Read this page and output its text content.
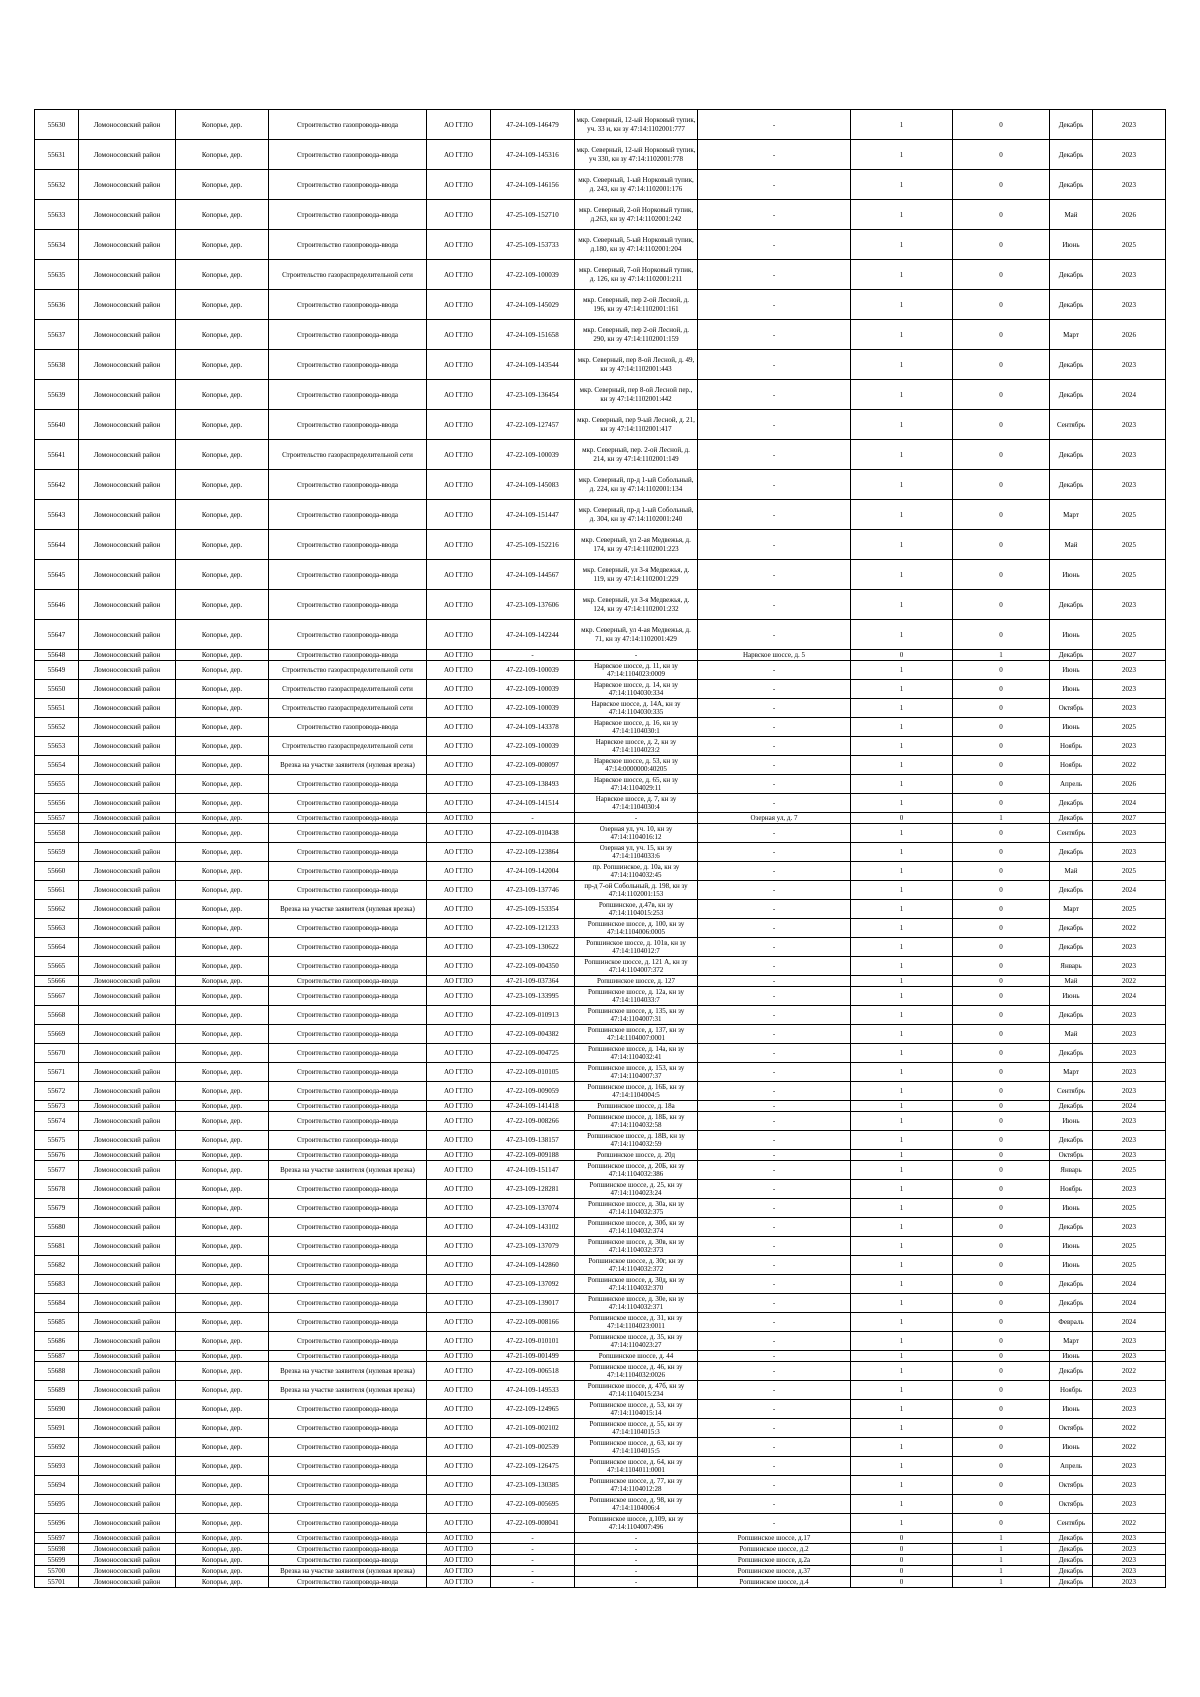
55630	Ломоносовский район	Копорье, дер.	Строительство газопровода-ввода	АО ГГЛО	47-24-109-146479	мкр. Северный, 12-ый Норковый тупик, уч. 33 и, кн зу 47:14:1102001:777	-	1	0	Декабрь	2023
55631	Ломоносовский район	Копорье, дер.	Строительство газопровода-ввода	АО ГГЛО	47-24-109-145316	мкр. Северный, 12-ый Норковый тупик, уч 330, кн зу 47:14:1102001:778	-	1	0	Декабрь	2023
55632	Ломоносовский район	Копорье, дер.	Строительство газопровода-ввода	АО ГГЛО	47-24-109-146156	мкр. Северный, 1-ый Норковый тупик, д. 243, кн зу 47:14:1102001:176	-	1	0	Декабрь	2023
55633	Ломоносовский район	Копорье, дер.	Строительство газопровода-ввода	АО ГГЛО	47-25-109-152710	мкр. Северный, 2-ой Норковый тупик, д.263, кн зу 47:14:1102001:242	-	1	0	Май	2026
55634	Ломоносовский район	Копорье, дер.	Строительство газопровода-ввода	АО ГГЛО	47-25-109-153733	мкр. Северный, 5-ый Норковый тупик, д.180, кн зу 47:14:1102001:204	-	1	0	Июнь	2025
55635	Ломоносовский район	Копорье, дер.	Строительство газораспределительной сети	АО ГГЛО	47-22-109-100039	мкр. Северный, 7-ой Норковый тупик, д. 126, кн зу 47:14:1102001:211	-	1	0	Декабрь	2023
55636	Ломоносовский район	Копорье, дер.	Строительство газопровода-ввода	АО ГГЛО	47-24-109-145029	мкр. Северный, пер 2-ой Лесной, д. 196, кн зу 47:14:1102001:161	-	1	0	Декабрь	2023
55637	Ломоносовский район	Копорье, дер.	Строительство газопровода-ввода	АО ГГЛО	47-24-109-151658	мкр. Северный, пер 2-ой Лесной, д. 290, кн зу 47:14:1102001:159	-	1	0	Март	2026
55638	Ломоносовский район	Копорье, дер.	Строительство газопровода-ввода	АО ГГЛО	47-24-109-143544	мкр. Северный, пер 8-ой Лесной, д. 49, кн зу 47:14:1102001:443	-	1	0	Декабрь	2023
55639	Ломоносовский район	Копорье, дер.	Строительство газопровода-ввода	АО ГГЛО	47-23-109-136454	мкр. Северный, пер 8-ой Лесной пер., кн зу 47:14:1102001:442	-	1	0	Декабрь	2024
55640	Ломоносовский район	Копорье, дер.	Строительство газопровода-ввода	АО ГГЛО	47-22-109-127457	мкр. Северный, пер 9-ый Лесной, д. 21, кн зу 47:14:1102001:417	-	1	0	Сентябрь	2023
55641	Ломоносовский район	Копорье, дер.	Строительство газораспределительной сети	АО ГГЛО	47-22-109-100039	мкр. Северный, пер. 2-ой Лесной, д. 214, кн зу 47:14:1102001:149	-	1	0	Декабрь	2023
55642	Ломоносовский район	Копорье, дер.	Строительство газопровода-ввода	АО ГГЛО	47-24-109-145083	мкр. Северный, пр-д 1-ый Собольный, д. 224, кн зу 47:14:1102001:134	-	1	0	Декабрь	2023
55643	Ломоносовский район	Копорье, дер.	Строительство газопровода-ввода	АО ГГЛО	47-24-109-151447	мкр. Северный, пр-д 1-ый Собольный, д. 304, кн зу 47:14:1102001:240	-	1	0	Март	2025
55644	Ломоносовский район	Копорье, дер.	Строительство газопровода-ввода	АО ГГЛО	47-25-109-152216	мкр. Северный, ул 2-ая Медвежья, д. 174, кн зу 47:14:1102001:223	-	1	0	Май	2025
55645	Ломоносовский район	Копорье, дер.	Строительство газопровода-ввода	АО ГГЛО	47-24-109-144567	мкр. Северный, ул 3-я Медвежья, д. 119, кн зу 47:14:1102001:229	-	1	0	Июнь	2025
55646	Ломоносовский район	Копорье, дер.	Строительство газопровода-ввода	АО ГГЛО	47-23-109-137606	мкр. Северный, ул 3-я Медвежья, д. 124, кн зу 47:14:1102001:232	-	1	0	Декабрь	2023
55647	Ломоносовский район	Копорье, дер.	Строительство газопровода-ввода	АО ГГЛО	47-24-109-142244	мкр. Северный, ул 4-ая Медвежья, д. 71, кн зу 47:14:1102001:429	-	1	0	Июнь	2025
55648	Ломоносовский район	Копорье, дер.	Строительство газопровода-ввода	АО ГГЛО	-	-	Нарвское шоссе, д. 5	0	1	Декабрь	2027
55649	Ломоносовский район	Копорье, дер.	Строительство газораспределительной сети	АО ГГЛО	47-22-109-100039	Нарвское шоссе, д. 11, кн зу 47:14:1104023:0009	-	1	0	Июнь	2023
55650	Ломоносовский район	Копорье, дер.	Строительство газораспределительной сети	АО ГГЛО	47-22-109-100039	Нарвское шоссе, д. 14, кн зу 47:14:1104030:334	-	1	0	Июнь	2023
55651	Ломоносовский район	Копорье, дер.	Строительство газораспределительной сети	АО ГГЛО	47-22-109-100039	Нарвское шоссе, д. 14А, кн зу 47:14:1104030:335	-	1	0	Октябрь	2023
55652	Ломоносовский район	Копорье, дер.	Строительство газопровода-ввода	АО ГГЛО	47-24-109-143378	Нарвское шоссе, д. 16, кн зу 47:14:1104030:1	-	1	0	Июнь	2025
55653	Ломоносовский район	Копорье, дер.	Строительство газораспределительной сети	АО ГГЛО	47-22-109-100039	Нарвское шоссе, д. 2, кн зу 47:14:1104023:2	-	1	0	Ноябрь	2023
55654	Ломоносовский район	Копорье, дер.	Врезка на участке заявителя (нулевая врезка)	АО ГГЛО	47-22-109-008097	Нарвское шоссе, д. 53, кн зу 47:14:0000000:40205	-	1	0	Ноябрь	2022
55655	Ломоносовский район	Копорье, дер.	Строительство газопровода-ввода	АО ГГЛО	47-23-109-138493	Нарвское шоссе, д. 65, кн зу 47:14:1104029:11	-	1	0	Апрель	2026
55656	Ломоносовский район	Копорье, дер.	Строительство газопровода-ввода	АО ГГЛО	47-24-109-141514	Нарвское шоссе, д. 7, кн зу 47:14:1104030:4	-	1	0	Декабрь	2024
55657	Ломоносовский район	Копорье, дер.	Строительство газопровода-ввода	АО ГГЛО	-	-	Озерная ул, д. 7	0	1	Декабрь	2027
55658	Ломоносовский район	Копорье, дер.	Строительство газопровода-ввода	АО ГГЛО	47-22-109-010438	Озерная ул, уч. 10, кн зу 47:14:1104016:12	-	1	0	Сентябрь	2023
55659	Ломоносовский район	Копорье, дер.	Строительство газопровода-ввода	АО ГГЛО	47-22-109-123864	Озерная ул, уч. 15, кн зу 47:14:1104033:6	-	1	0	Декабрь	2023
55660	Ломоносовский район	Копорье, дер.	Строительство газопровода-ввода	АО ГГЛО	47-24-109-142004	пр. Ропшинское, д. 10а, кн зу 47:14:1104032:45	-	1	0	Май	2025
55661	Ломоносовский район	Копорье, дер.	Строительство газопровода-ввода	АО ГГЛО	47-23-109-137746	пр-д 7-ой Собольный, д. 198, кн зу 47:14:1102001:153	-	1	0	Декабрь	2024
55662	Ломоносовский район	Копорье, дер.	Врезка на участке заявителя (нулевая врезка)	АО ГГЛО	47-25-109-153354	Ропшинское, д.47в, кн зу 47:14:1104015:253	-	1	0	Март	2025
55663	Ломоносовский район	Копорье, дер.	Строительство газопровода-ввода	АО ГГЛО	47-22-109-121233	Ропшинское шоссе, д. 100, кн зу 47:14:1104006:0005	-	1	0	Декабрь	2022
55664	Ломоносовский район	Копорье, дер.	Строительство газопровода-ввода	АО ГГЛО	47-23-109-130622	Ропшинское шоссе, д. 101в, кн зу 47:14:1104012:7	-	1	0	Декабрь	2023
55665	Ломоносовский район	Копорье, дер.	Строительство газопровода-ввода	АО ГГЛО	47-22-109-004350	Ропшинское шоссе, д. 121 А, кн зу 47:14:1104007:372	-	1	0	Январь	2023
55666	Ломоносовский район	Копорье, дер.	Строительство газопровода-ввода	АО ГГЛО	47-21-109-037364	Ропшинское шоссе, д. 127	-	1	0	Май	2022
55667	Ломоносовский район	Копорье, дер.	Строительство газопровода-ввода	АО ГГЛО	47-23-109-133995	Ропшинское шоссе, д. 12а, кн зу 47:14:1104033:7	-	1	0	Июнь	2024
55668	Ломоносовский район	Копорье, дер.	Строительство газопровода-ввода	АО ГГЛО	47-22-109-010913	Ропшинское шоссе, д. 135, кн зу 47:14:1104007:31	-	1	0	Декабрь	2023
55669	Ломоносовский район	Копорье, дер.	Строительство газопровода-ввода	АО ГГЛО	47-22-109-004382	Ропшинское шоссе, д. 137, кн зу 47:14:1104007:0001	-	1	0	Май	2023
55670	Ломоносовский район	Копорье, дер.	Строительство газопровода-ввода	АО ГГЛО	47-22-109-004725	Ропшинское шоссе, д. 14а, кн зу 47:14:1104032:41	-	1	0	Декабрь	2023
55671	Ломоносовский район	Копорье, дер.	Строительство газопровода-ввода	АО ГГЛО	47-22-109-010105	Ропшинское шоссе, д. 153, кн зу 47:14:1104007:37	-	1	0	Март	2023
55672	Ломоносовский район	Копорье, дер.	Строительство газопровода-ввода	АО ГГЛО	47-22-109-009059	Ропшинское шоссе, д. 16Б, кн зу 47:14:1104004:5	-	1	0	Сентябрь	2023
55673	Ломоносовский район	Копорье, дер.	Строительство газопровода-ввода	АО ГГЛО	47-24-109-141418	Ропшинское шоссе, д. 18а	-	1	0	Декабрь	2024
55674	Ломоносовский район	Копорье, дер.	Строительство газопровода-ввода	АО ГГЛО	47-22-109-008266	Ропшинское шоссе, д. 18Б, кн зу 47:14:1104032:58	-	1	0	Июнь	2023
55675	Ломоносовский район	Копорье, дер.	Строительство газопровода-ввода	АО ГГЛО	47-23-109-138157	Ропшинское шоссе, д. 18В, кн зу 47:14:1104032:59	-	1	0	Декабрь	2023
55676	Ломоносовский район	Копорье, дер.	Строительство газопровода-ввода	АО ГГЛО	47-22-109-009188	Ропшинское шоссе, д. 20д	-	1	0	Октябрь	2023
55677	Ломоносовский район	Копорье, дер.	Врезка на участке заявителя (нулевая врезка)	АО ГГЛО	47-24-109-151147	Ропшинское шоссе, д. 20Б, кн зу 47:14:1104032:386	-	1	0	Январь	2025
55678	Ломоносовский район	Копорье, дер.	Строительство газопровода-ввода	АО ГГЛО	47-23-109-128281	Ропшинское шоссе, д. 25, кн зу 47:14:1104023:24	-	1	0	Ноябрь	2023
55679	Ломоносовский район	Копорье, дер.	Строительство газопровода-ввода	АО ГГЛО	47-23-109-137074	Ропшинское шоссе, д. 30а, кн зу 47:14:1104032:375	-	1	0	Июнь	2025
55680	Ломоносовский район	Копорье, дер.	Строительство газопровода-ввода	АО ГГЛО	47-24-109-143102	Ропшинское шоссе, д. 30б, кн зу 47:14:1104032:374	-	1	0	Декабрь	2023
55681	Ломоносовский район	Копорье, дер.	Строительство газопровода-ввода	АО ГГЛО	47-23-109-137079	Ропшинское шоссе, д. 30в, кн зу 47:14:1104032:373	-	1	0	Июнь	2025
55682	Ломоносовский район	Копорье, дер.	Строительство газопровода-ввода	АО ГГЛО	47-24-109-142860	Ропшинское шоссе, д. 30г, кн зу 47:14:1104032:372	-	1	0	Июнь	2025
55683	Ломоносовский район	Копорье, дер.	Строительство газопровода-ввода	АО ГГЛО	47-23-109-137092	Ропшинское шоссе, д. 30д, кн зу 47:14:1104032:370	-	1	0	Декабрь	2024
55684	Ломоносовский район	Копорье, дер.	Строительство газопровода-ввода	АО ГГЛО	47-23-109-139017	Ропшинское шоссе, д. 30е, кн зу 47:14:1104032:371	-	1	0	Декабрь	2024
55685	Ломоносовский район	Копорье, дер.	Строительство газопровода-ввода	АО ГГЛО	47-22-109-008166	Ропшинское шоссе, д. 31, кн зу 47:14:1104023:0011	-	1	0	Февраль	2024
55686	Ломоносовский район	Копорье, дер.	Строительство газопровода-ввода	АО ГГЛО	47-22-109-010101	Ропшинское шоссе, д. 35, кн зу 47:14:1104023:27	-	1	0	Март	2023
55687	Ломоносовский район	Копорье, дер.	Строительство газопровода-ввода	АО ГГЛО	47-21-109-001499	Ропшинское шоссе, д. 44	-	1	0	Июнь	2023
55688	Ломоносовский район	Копорье, дер.	Врезка на участке заявителя (нулевая врезка)	АО ГГЛО	47-22-109-006518	Ропшинское шоссе, д. 46, кн зу 47:14:1104032:0026	-	1	0	Декабрь	2022
55689	Ломоносовский район	Копорье, дер.	Врезка на участке заявителя (нулевая врезка)	АО ГГЛО	47-24-109-149533	Ропшинское шоссе, д. 47б, кн зу 47:14:1104015:234	-	1	0	Ноябрь	2023
55690	Ломоносовский район	Копорье, дер.	Строительство газопровода-ввода	АО ГГЛО	47-22-109-124965	Ропшинское шоссе, д. 53, кн зу 47:14:1104015:14	-	1	0	Июнь	2023
55691	Ломоносовский район	Копорье, дер.	Строительство газопровода-ввода	АО ГГЛО	47-21-109-002102	Ропшинское шоссе, д. 55, кн зу 47:14:1104015:3	-	1	0	Октябрь	2022
55692	Ломоносовский район	Копорье, дер.	Строительство газопровода-ввода	АО ГГЛО	47-21-109-002539	Ропшинское шоссе, д. 63, кн зу 47:14:1104015:5	-	1	0	Июнь	2022
55693	Ломоносовский район	Копорье, дер.	Строительство газопровода-ввода	АО ГГЛО	47-22-109-126475	Ропшинское шоссе, д. 64, кн зу 47:14:1104011:0001	-	1	0	Апрель	2023
55694	Ломоносовский район	Копорье, дер.	Строительство газопровода-ввода	АО ГГЛО	47-23-109-130385	Ропшинское шоссе, д. 77, кн зу 47:14:1104012:28	-	1	0	Октябрь	2023
55695	Ломоносовский район	Копорье, дер.	Строительство газопровода-ввода	АО ГГЛО	47-22-109-005695	Ропшинское шоссе, д. 98, кн зу 47:14:1104006:4	-	1	0	Октябрь	2023
55696	Ломоносовский район	Копорье, дер.	Строительство газопровода-ввода	АО ГГЛО	47-22-109-008041	Ропшинское шоссе, д.109, кн зу 47:14:1104007:496	-	1	0	Сентябрь	2022
55697	Ломоносовский район	Копорье, дер.	Строительство газопровода-ввода	АО ГГЛО	-	-	Ропшинское шоссе, д.17	0	1	Декабрь	2023
55698	Ломоносовский район	Копорье, дер.	Строительство газопровода-ввода	АО ГГЛО	-	-	Ропшинское шоссе, д.2	0	1	Декабрь	2023
55699	Ломоносовский район	Копорье, дер.	Строительство газопровода-ввода	АО ГГЛО	-	-	Ропшинское шоссе, д.2а	0	1	Декабрь	2023
55700	Ломоносовский район	Копорье, дер.	Врезка на участке заявителя (нулевая врезка)	АО ГГЛО	-	-	Ропшинское шоссе, д.37	0	1	Декабрь	2023
55701	Ломоносовский район	Копорье, дер.	Строительство газопровода-ввода	АО ГГЛО	-	-	Ропшинское шоссе, д.4	0	1	Декабрь	2023
